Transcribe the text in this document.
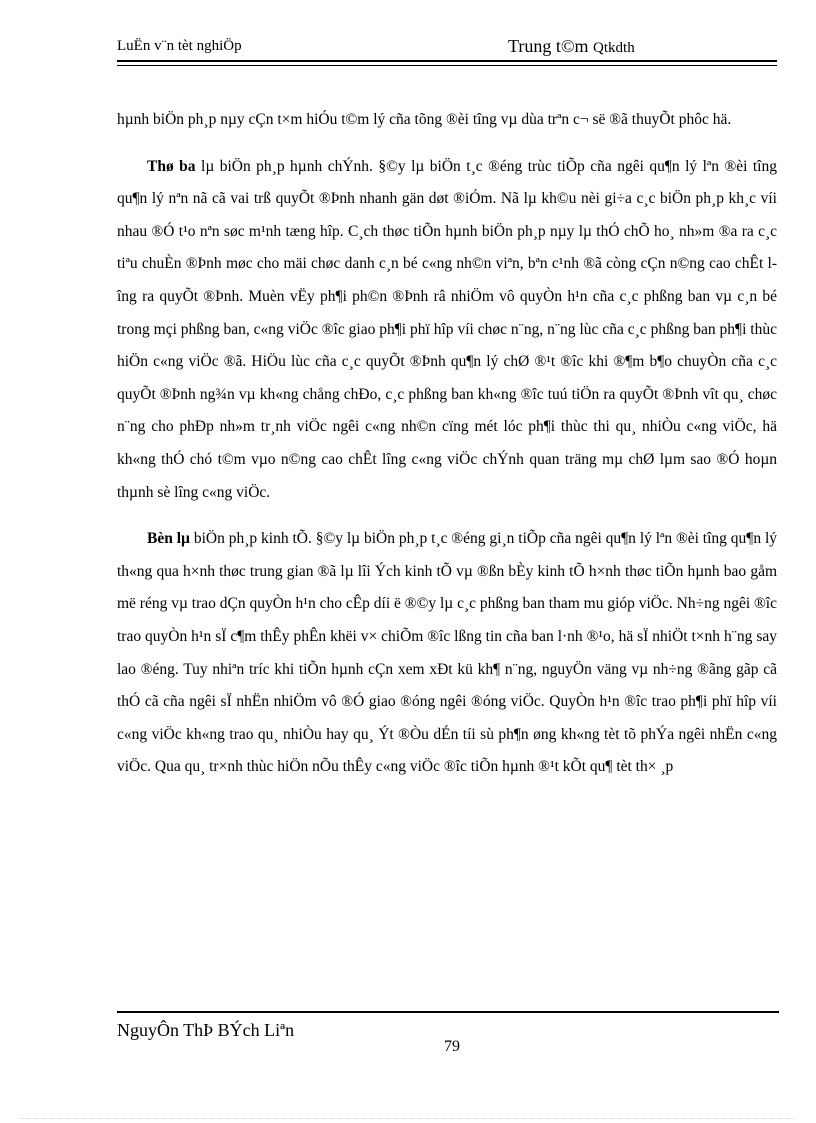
LuËn v¨n tèt nghiÖp	Trung t©m Qtkdth

hµnh biÖn ph¸p nµy cÇn t×m hiÓu t©m lý cña tõng ®èi tîng vµ dùa trªn c¬ së ®ã thuyÕt phôc hä.

Thø ba lµ biÖn ph¸p hµnh chÝnh. §©y lµ biÖn t¸c ®éng trùc tiÕp cña ngêi qu¶n lý lªn ®èi tîng qu¶n lý nªn nã cã vai trß quyÕt ®Þnh nhanh gän døt ®iÓm. Nã lµ kh©u nèi gi÷a c¸c biÖn ph¸p kh¸c víi nhau ®Ó t¹o nªn søc m¹nh tæng hîp. C¸ch thøc tiÕn hµnh biÖn ph¸p nµy lµ thÓ chÕ ho¸ nh»m ®a ra c¸c tiªu chuÈn ®Þnh møc cho mäi chøc danh c¸n bé c«ng nh©n viªn, bªn c¹nh ®ã còng cÇn n©ng cao chÊt lîng ra quyÕt ®Þnh. Muèn vËy ph¶i ph©n ®Þnh râ nhiÖm vô quyÒn h¹n cña c¸c phßng ban vµ c¸n bé trong mçi phßng ban, c«ng viÖc ®îc giao ph¶i phï hîp víi chøc n¨ng, n¨ng lùc cña c¸c phßng ban ph¶i thùc hiÖn c«ng viÖc ®ã. HiÖu lùc cña c¸c quyÕt ®Þnh qu¶n lý chØ ®¹t ®îc khi ®¶m b¶o chuyÒn cña c¸c quyÕt ®Þnh ng¾n vµ kh«ng chång chÐo, c¸c phßng ban kh«ng ®îc tuú tiÖn ra quyÕt ®Þnh vît qu¸ chøc n¨ng cho phÐp nh»m tr¸nh viÖc ngêi c«ng nh©n cïng mét lóc ph¶i thùc thi qu¸ nhiÒu c«ng viÖc, hä kh«ng thÓ chó t©m vµo n©ng cao chÊt lîng c«ng viÖc chÝnh quan träng mµ chØ lµm sao ®Ó hoµn thµnh sè lîng c«ng viÖc.

Bèn lµ biÖn ph¸p kinh tÕ. §©y lµ biÖn ph¸p t¸c ®éng gi¸n tiÕp cña ngêi qu¶n lý lªn ®èi tîng qu¶n lý th«ng qua h×nh thøc trung gian ®ã lµ lîi Ých kinh tÕ vµ ®ßn bÈy kinh tÕ h×nh thøc tiÕn hµnh bao gåm më réng vµ trao dÇn quyÒn h¹n cho cÊp díi ë ®©y lµ c¸c phßng ban tham mu gióp viÖc. Nh÷ng ngêi ®îc trao quyÒn h¹n sÏ c¶m thÊy phÊn khëi v× chiÕm ®îc lßng tin cña ban l·nh ®¹o, hä sÏ nhiÖt t×nh h¨ng say lao ®éng. Tuy nhiªn tríc khi tiÕn hµnh cÇn xem xÐt kü kh¶ n¨ng, nguyÖn väng vµ nh÷ng ®ãng gãp cã thÓ cã cña ngêi sÏ nhËn nhiÖm vô ®Ó giao ®óng ngêi ®óng viÖc. QuyÒn h¹n ®îc trao ph¶i phï hîp víi c«ng viÖc kh«ng trao qu¸ nhiÒu hay qu¸ Ýt ®Òu dÉn tíi sù ph¶n øng kh«ng tèt tõ phÝa ngêi nhËn c«ng viÖc. Qua qu¸ tr×nh thùc hiÖn nÕu thÊy c«ng viÖc ®îc tiÕn hµnh ®¹t kÕt qu¶ tèt th× ¸p

NguyÔn ThÞ BÝch Liªn
79
